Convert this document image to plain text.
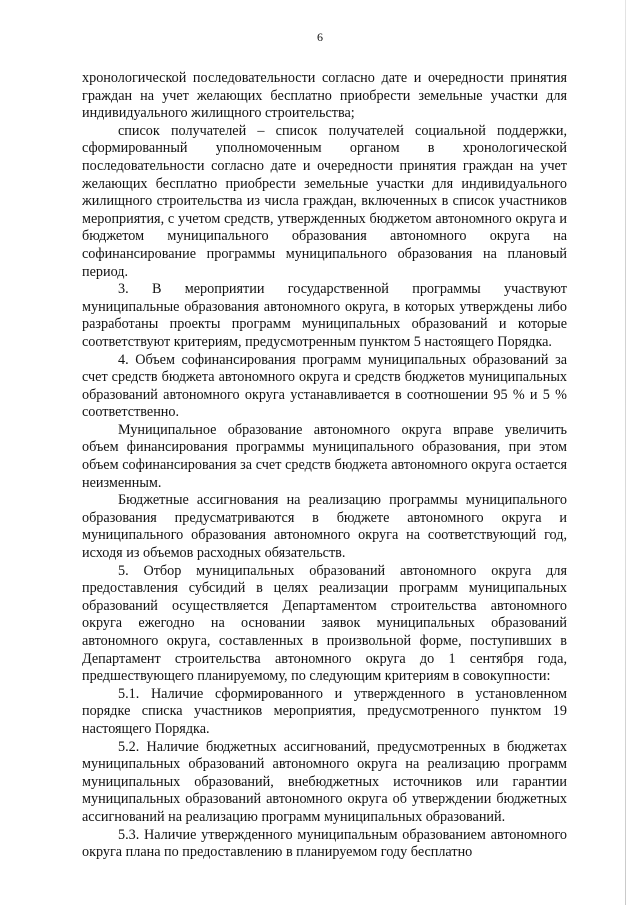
6

хронологической последовательности согласно дате и очередности принятия граждан на учет желающих бесплатно приобрести земельные участки для индивидуального жилищного строительства;

список получателей – список получателей социальной поддержки, сформированный уполномоченным органом в хронологической последовательности согласно дате и очередности принятия граждан на учет желающих бесплатно приобрести земельные участки для индивидуального жилищного строительства из числа граждан, включенных в список участников мероприятия, с учетом средств, утвержденных бюджетом автономного округа и бюджетом муниципального образования автономного округа на софинансирование программы муниципального образования на плановый период.

3. В мероприятии государственной программы участвуют муниципальные образования автономного округа, в которых утверждены либо разработаны проекты программ муниципальных образований и которые соответствуют критериям, предусмотренным пунктом 5 настоящего Порядка.

4. Объем софинансирования программ муниципальных образований за счет средств бюджета автономного округа и средств бюджетов муниципальных образований автономного округа устанавливается в соотношении 95 % и 5 % соответственно.

Муниципальное образование автономного округа вправе увеличить объем финансирования программы муниципального образования, при этом объем софинансирования за счет средств бюджета автономного округа остается неизменным.

Бюджетные ассигнования на реализацию программы муниципального образования предусматриваются в бюджете автономного округа и муниципального образования автономного округа на соответствующий год, исходя из объемов расходных обязательств.

5. Отбор муниципальных образований автономного округа для предоставления субсидий в целях реализации программ муниципальных образований осуществляется Департаментом строительства автономного округа ежегодно на основании заявок муниципальных образований автономного округа, составленных в произвольной форме, поступивших в Департамент строительства автономного округа до 1 сентября года, предшествующего планируемому, по следующим критериям в совокупности:

5.1. Наличие сформированного и утвержденного в установленном порядке списка участников мероприятия, предусмотренного пунктом 19 настоящего Порядка.

5.2. Наличие бюджетных ассигнований, предусмотренных в бюджетах муниципальных образований автономного округа на реализацию программ муниципальных образований, внебюджетных источников или гарантии муниципальных образований автономного округа об утверждении бюджетных ассигнований на реализацию программ муниципальных образований.

5.3. Наличие утвержденного муниципальным образованием автономного округа плана по предоставлению в планируемом году бесплатно
